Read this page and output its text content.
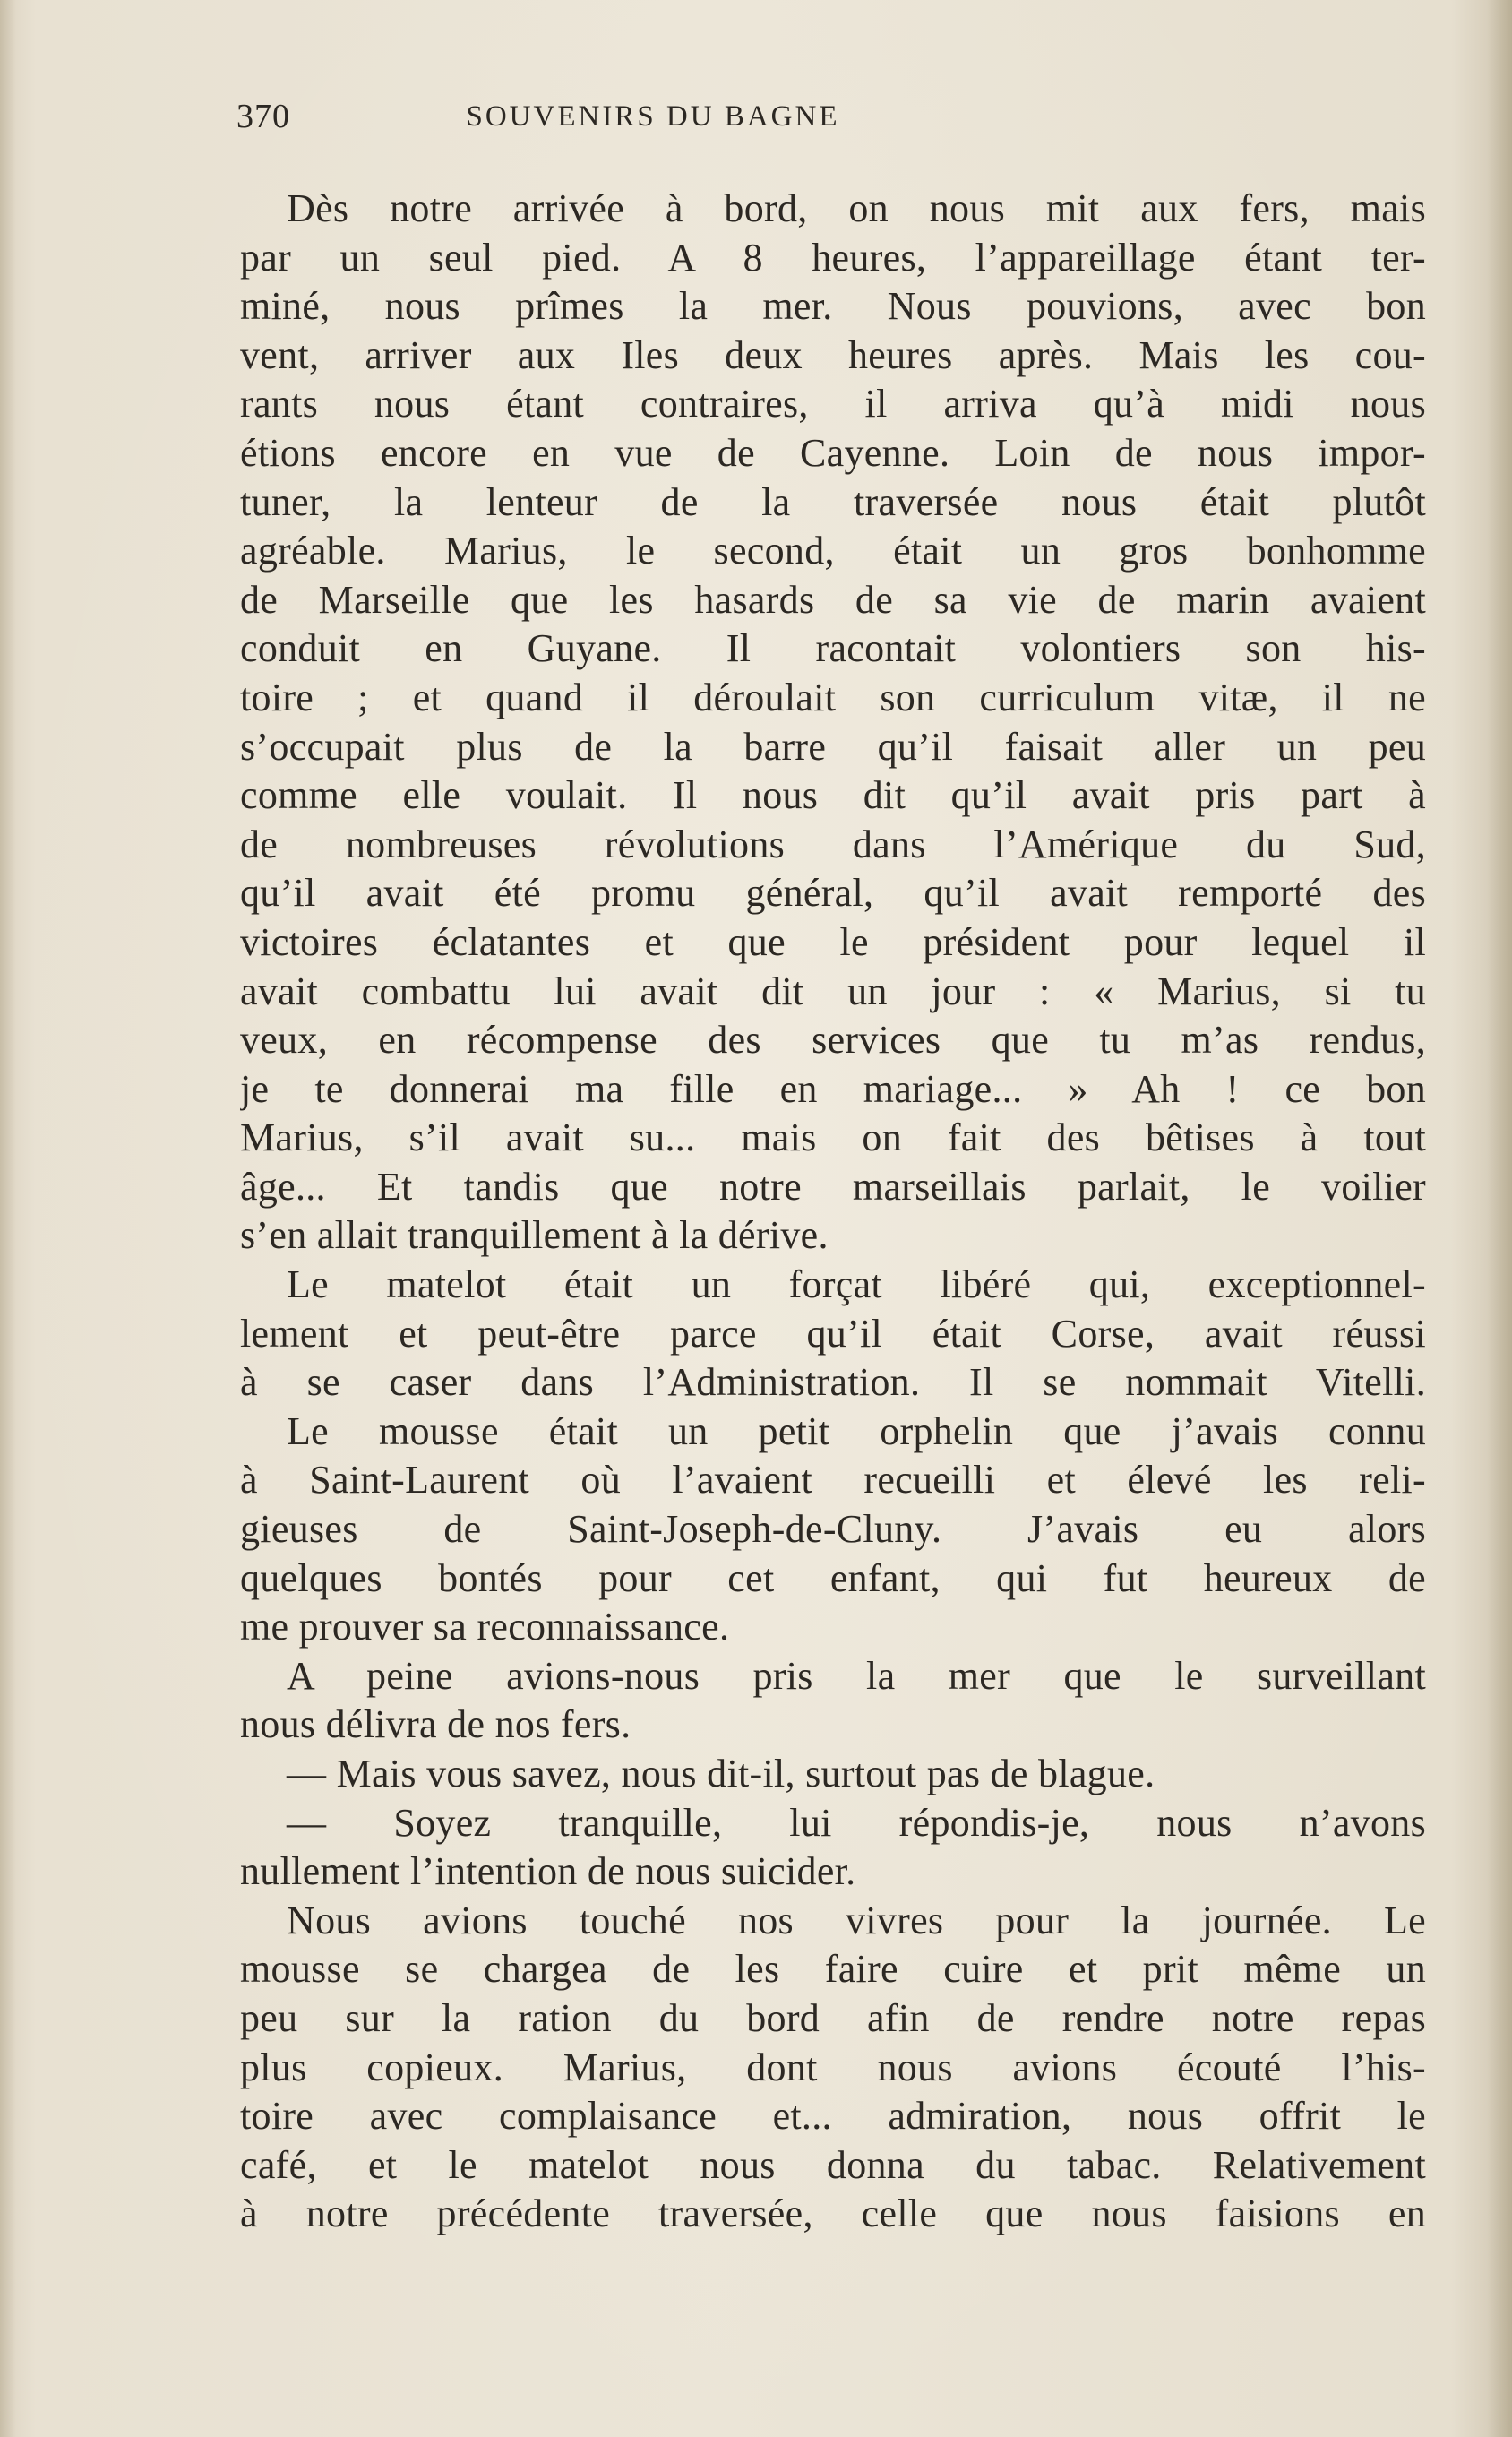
370	SOUVENIRS DU BAGNE
Dès notre arrivée à bord, on nous mit aux fers, mais
par un seul pied. A 8 heures, l’appareillage étant ter-
miné, nous prîmes la mer. Nous pouvions, avec bon
vent, arriver aux Iles deux heures après. Mais les cou-
rants nous étant contraires, il arriva qu’à midi nous
étions encore en vue de Cayenne. Loin de nous impor-
tuner, la lenteur de la traversée nous était plutôt
agréable. Marius, le second, était un gros bonhomme
de Marseille que les hasards de sa vie de marin avaient
conduit en Guyane. Il racontait volontiers son his-
toire ; et quand il déroulait son curriculum vitæ, il ne
s’occupait plus de la barre qu’il faisait aller un peu
comme elle voulait. Il nous dit qu’il avait pris part à
de nombreuses révolutions dans l’Amérique du Sud,
qu’il avait été promu général, qu’il avait remporté des
victoires éclatantes et que le président pour lequel il
avait combattu lui avait dit un jour : « Marius, si tu
veux, en récompense des services que tu m’as rendus,
je te donnerai ma fille en mariage... » Ah ! ce bon
Marius, s’il avait su... mais on fait des bêtises à tout
âge... Et tandis que notre marseillais parlait, le voilier
s’en allait tranquillement à la dérive.
Le matelot était un forçat libéré qui, exceptionnel-
lement et peut-être parce qu’il était Corse, avait réussi
à se caser dans l’Administration. Il se nommait Vitelli.
Le mousse était un petit orphelin que j’avais connu
à Saint-Laurent où l’avaient recueilli et élevé les reli-
gieuses de Saint-Joseph-de-Cluny. J’avais eu alors
quelques bontés pour cet enfant, qui fut heureux de
me prouver sa reconnaissance.
A peine avions-nous pris la mer que le surveillant
nous délivra de nos fers.
— Mais vous savez, nous dit-il, surtout pas de blague.
— Soyez tranquille, lui répondis-je, nous n’avons
nullement l’intention de nous suicider.
Nous avions touché nos vivres pour la journée. Le
mousse se chargea de les faire cuire et prit même un
peu sur la ration du bord afin de rendre notre repas
plus copieux. Marius, dont nous avions écouté l’his-
toire avec complaisance et... admiration, nous offrit le
café, et le matelot nous donna du tabac. Relativement
à notre précédente traversée, celle que nous faisions en
